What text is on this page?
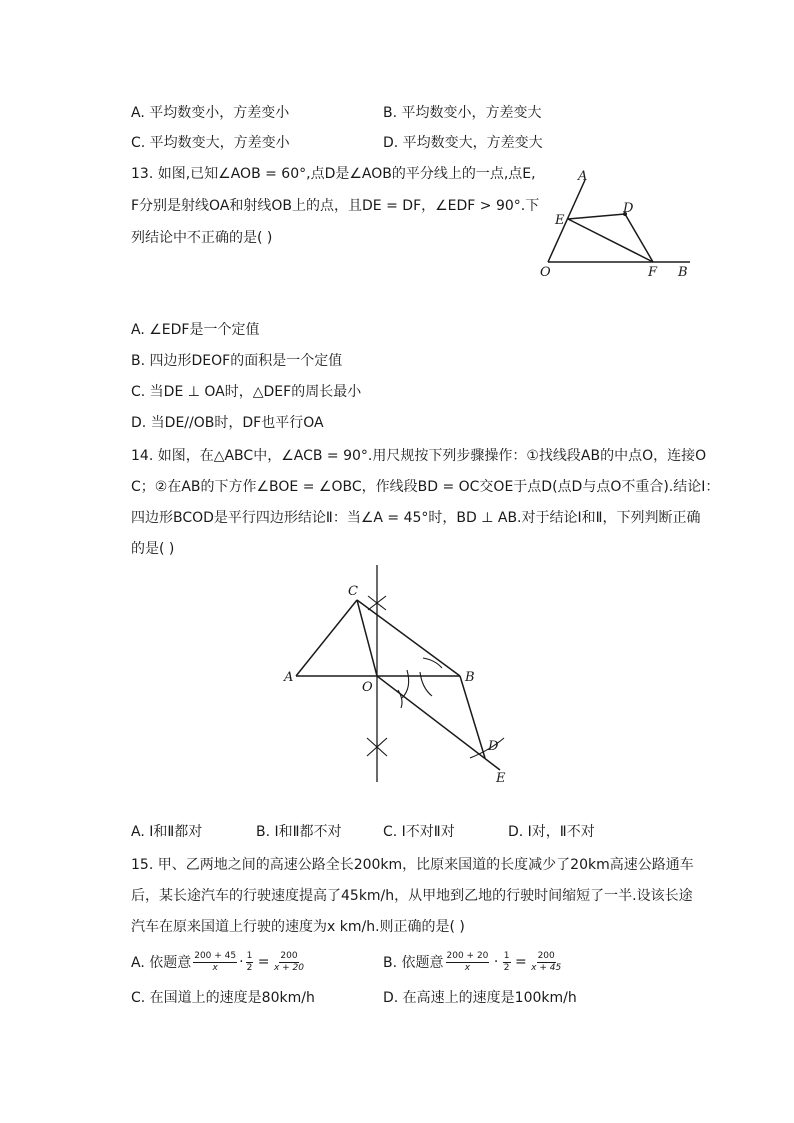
A. 平均数变小，方差变小	B. 平均数变小，方差变大
C. 平均数变大，方差变小	D. 平均数变大，方差变大
13. 如图,已知∠AOB = 60°,点D是∠AOB的平分线上的一点,点E,
F分别是射线OA和射线OB上的点，且DE = DF，∠EDF > 90°.下
列结论中不正确的是( )
A
D
E
O	F B
A. ∠EDF是一个定值
B. 四边形DEOF的面积是一个定值
C. 当DE ⊥ OA时，△DEF的周长最小
D. 当DE//OB时，DF也平行OA
14. 如图，在△ABC中，∠ACB = 90°.用尺规按下列步骤操作：①找线段AB的中点O，连接O
C；②在AB的下方作∠BOE = ∠OBC，作线段BD = OC交OE于点D(点D与点O不重合).结论I：
四边形BCOD是平行四边形结论Ⅱ：当∠A = 45°时，BD ⊥ AB.对于结论I和Ⅱ，下列判断正确
的是( )
C
A
O
B
D
E
A. I和Ⅱ都对	B. I和Ⅱ都不对	C. I不对Ⅱ对	D. I对，Ⅱ不对
15. 甲、乙两地之间的高速公路全长200km，比原来国道的长度减少了20km高速公路通车
后，某长途汽车的行驶速度提高了45km/h，从甲地到乙地的行驶时间缩短了一半.设该长途
汽车在原来国道上行驶的速度为x km/h.则正确的是( )
A. 依题意 $\frac{200 + 45}{x} \cdot \frac{1}{2} = \frac{200}{x + 20}$	B. 依题意 $\frac{200 + 20}{x} \cdot \frac{1}{2} = \frac{200}{x + 45}$
C. 在国道上的速度是80km/h	D. 在高速上的速度是100km/h
